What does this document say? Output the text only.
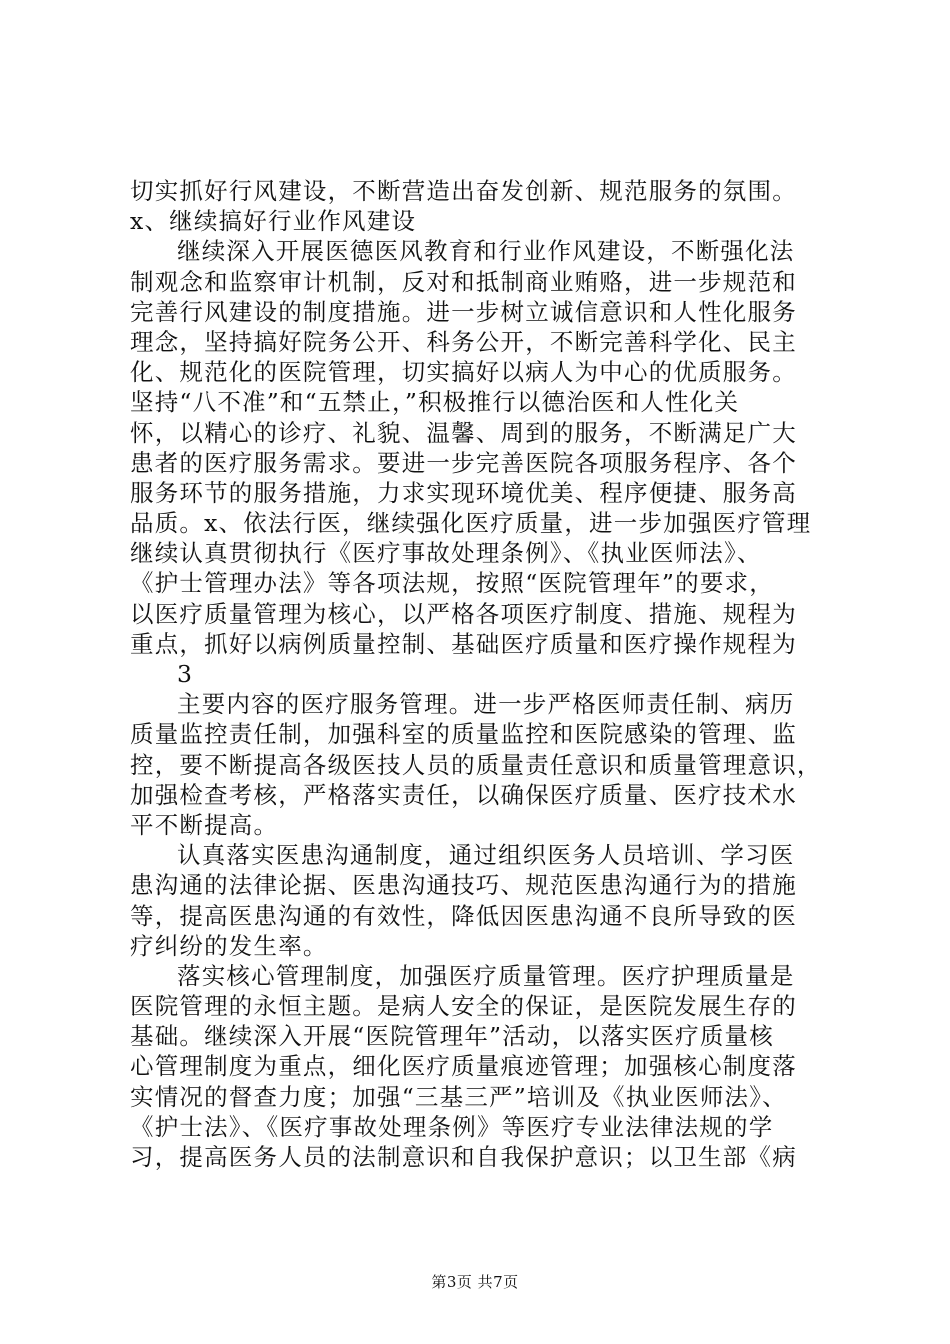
切实抓好行风建设，不断营造出奋发创新、规范服务的氛围。
x、继续搞好行业作风建设
继续深入开展医德医风教育和行业作风建设，不断强化法
制观念和监察审计机制，反对和抵制商业贿赂，进一步规范和
完善行风建设的制度措施。进一步树立诚信意识和人性化服务
理念，坚持搞好院务公开、科务公开，不断完善科学化、民主
化、规范化的医院管理，切实搞好以病人为中心的优质服务。
坚持“八不准”和“五禁止，”积极推行以德治医和人性化关
怀，以精心的诊疗、礼貌、温馨、周到的服务，不断满足广大
患者的医疗服务需求。要进一步完善医院各项服务程序、各个
服务环节的服务措施，力求实现环境优美、程序便捷、服务高
品质。x、依法行医，继续强化医疗质量，进一步加强医疗管理
继续认真贯彻执行《医疗事故处理条例》、《执业医师法》、
《护士管理办法》等各项法规，按照“医院管理年”的要求，
以医疗质量管理为核心，以严格各项医疗制度、措施、规程为
重点，抓好以病例质量控制、基础医疗质量和医疗操作规程为
3
主要内容的医疗服务管理。进一步严格医师责任制、病历
质量监控责任制，加强科室的质量监控和医院感染的管理、监
控，要不断提高各级医技人员的质量责任意识和质量管理意识，
加强检查考核，严格落实责任，以确保医疗质量、医疗技术水
平不断提高。
认真落实医患沟通制度，通过组织医务人员培训、学习医
患沟通的法律论据、医患沟通技巧、规范医患沟通行为的措施
等，提高医患沟通的有效性，降低因医患沟通不良所导致的医
疗纠纷的发生率。
落实核心管理制度，加强医疗质量管理。医疗护理质量是
医院管理的永恒主题。是病人安全的保证，是医院发展生存的
基础。继续深入开展“医院管理年”活动，以落实医疗质量核
心管理制度为重点，细化医疗质量痕迹管理；加强核心制度落
实情况的督查力度；加强“三基三严”培训及《执业医师法》、
《护士法》、《医疗事故处理条例》等医疗专业法律法规的学
习，提高医务人员的法制意识和自我保护意识；以卫生部《病
第3页 共7页
